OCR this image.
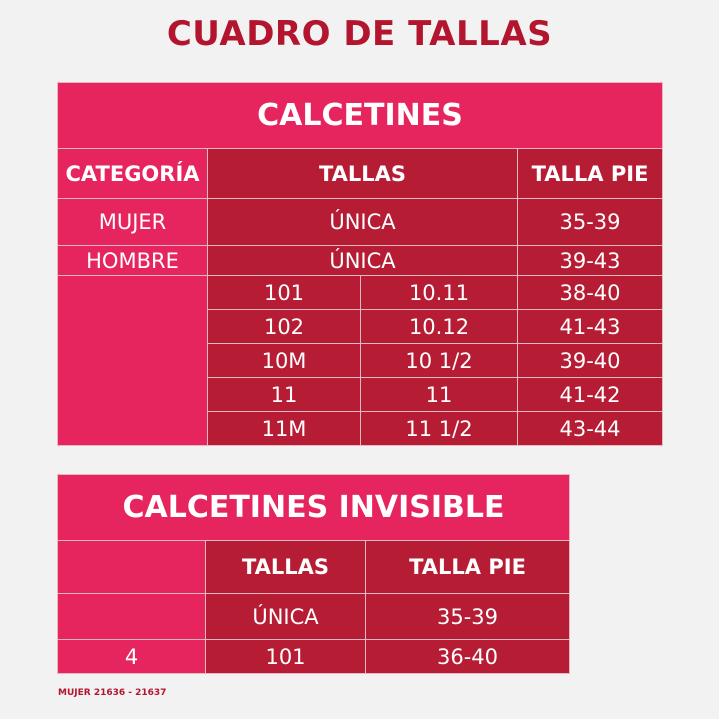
CUADRO DE TALLAS
CALCETINES			
CATEGORÍA	TALLAS		TALLA PIE
MUJER	ÚNICA		35-39
HOMBRE	ÚNICA		39-43
	101	10.11	38-40
	102	10.12	41-43
	10M	10 1/2	39-40
	11	11	41-42
	11M	11 1/2	43-44
CALCETINES INVISIBLE		
	TALLAS	TALLA PIE
	ÚNICA	35-39
4	101	36-40
MUJER 21636 - 21637
